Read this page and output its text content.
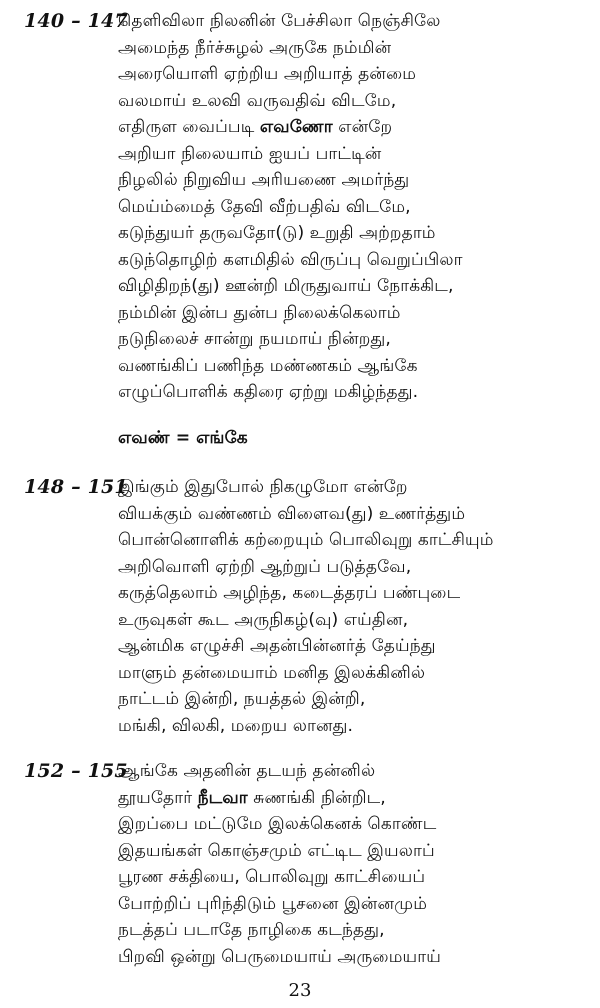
140 – 147
தெளிவிலா நிலனின் பேச்சிலா நெஞ்சிலே
அமைந்த நீர்ச்சுழல் அருகே நம்மின்
அரையொளி ஏற்றிய அறியாத் தன்மை
வலமாய் உலவி வருவதிவ் விடமே,
எதிருள வைப்படி எவணோ என்றே
அறியா நிலையாம் ஐயப் பாட்டின்
நிழலில் நிறுவிய அரியணை அமர்ந்து
மெய்ம்மைத் தேவி வீற்பதிவ் விடமே,
கடுந்துயர் தருவதோ(டு) உறுதி அற்றதாம்
கடுந்தொழிற் களமிதில் விருப்பு வெறுப்பிலா
விழிதிறந்(து) ஊன்றி மிருதுவாய் நோக்கிட,
நம்மின் இன்ப துன்ப நிலைக்கெலாம்
நடுநிலைச் சான்று நயமாய் நின்றது,
வணங்கிப் பணிந்த மண்ணகம் ஆங்கே
எழுப்பொளிக் கதிரை ஏற்று மகிழ்ந்தது.
எவண் = எங்கே
148 – 151
இங்கும் இதுபோல் நிகழுமோ என்றே
வியக்கும் வண்ணம் விளைவ(து) உணர்த்தும்
பொன்னொளிக் கற்றையும் பொலிவுறு காட்சியும்
அறிவொளி ஏற்றி ஆற்றுப் படுத்தவே,
கருத்தெலாம் அழிந்த, கடைத்தரப் பண்புடை
உருவுகள் கூட அருநிகழ்(வு) எய்தின,
ஆன்மிக எழுச்சி அதன்பின்னர்த் தேய்ந்து
மாளும் தன்மையாம் மனித இலக்கினில்
நாட்டம் இன்றி, நயத்தல் இன்றி,
மங்கி, விலகி, மறைய லானது.
152 – 155
ஆங்கே அதனின் தடயந் தன்னில்
தூயதோர் நீடவா சுணங்கி நின்றிட,
இறப்பை மட்டுமே இலக்கெனக் கொண்ட
இதயங்கள் கொஞ்சமும் எட்டிட இயலாப்
பூரண சக்தியை, பொலிவுறு காட்சியைப்
போற்றிப் புரிந்திடும் பூசனை இன்னமும்
நடத்தப் படாதே நாழிகை கடந்தது,
பிறவி ஒன்று பெருமையாய் அருமையாய்
23
